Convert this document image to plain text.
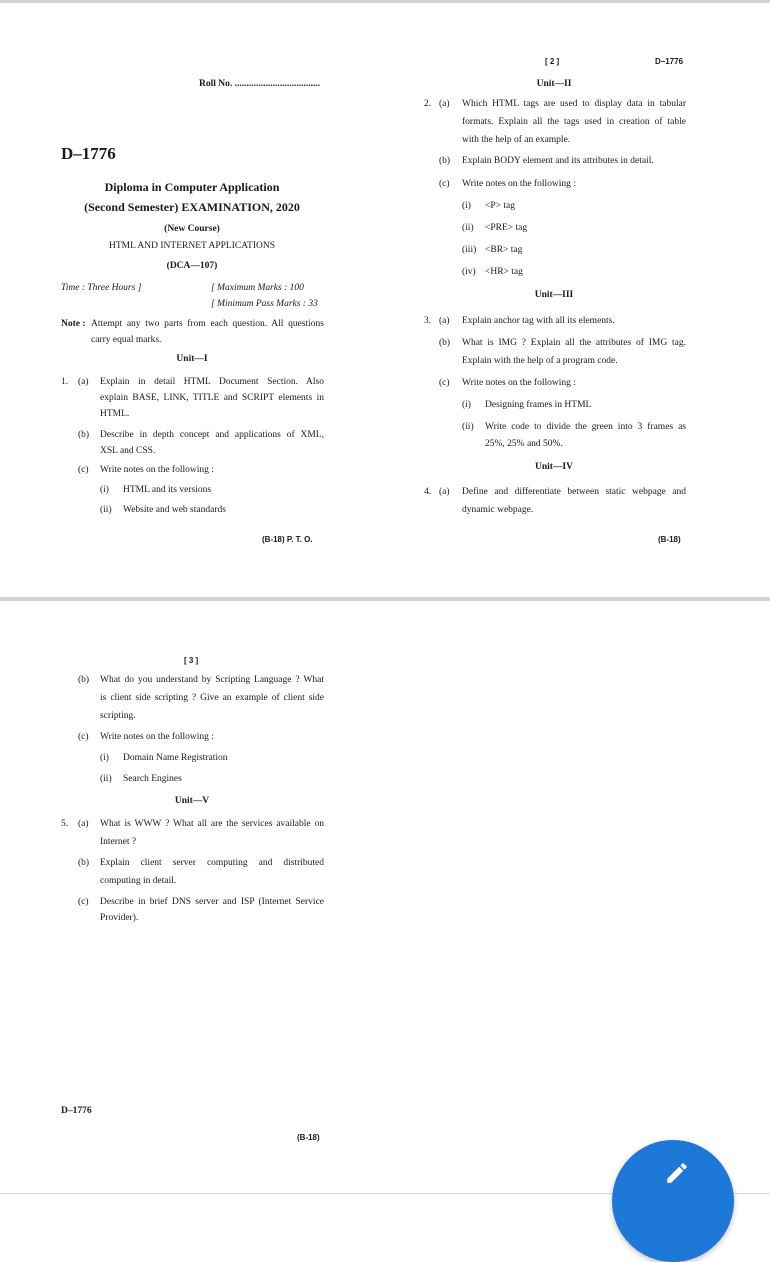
Roll No. ....................................
D–1776
Diploma in Computer Application
(Second Semester) EXAMINATION, 2020
(New Course)
HTML AND INTERNET APPLICATIONS
(DCA—107)
Time : Three Hours ]	[ Maximum Marks : 100
[ Minimum Pass Marks : 33
Note : Attempt any two parts from each question. All questions
carry equal marks.
Unit—I
1. (a) Explain in detail HTML Document Section. Also
explain BASE, LINK, TITLE and SCRIPT elements in
HTML.
(b) Describe in depth concept and applications of XML,
XSL and CSS.
(c) Write notes on the following :
(i) HTML and its versions
(ii) Website and web standards
(B-18) P. T. O.
[ 2 ]	D–1776
Unit—II
2. (a) Which HTML tags are used to display data in tabular
formats. Explain all the tags used in creation of table
with the help of an example.
(b) Explain BODY element and its attributes in detail.
(c) Write notes on the following :
(i) <P> tag
(ii) <PRE> tag
(iii) <BR> tag
(iv) <HR> tag
Unit—III
3. (a) Explain anchor tag with all its elements.
(b) What is IMG ? Explain all the attributes of IMG tag.
Explain with the help of a program code.
(c) Write notes on the following :
(i) Designing frames in HTML
(ii) Write code to divide the green into 3 frames as
25%, 25% and 50%.
Unit—IV
4. (a) Define and differentiate between static webpage and
dynamic webpage.
(B-18)
[ 3 ]
(b) What do you understand by Scripting Language ? What
is client side scripting ? Give an example of client side
scripting.
(c) Write notes on the following :
(i) Domain Name Registration
(ii) Search Engines
Unit—V
5. (a) What is WWW ? What all are the services available on
Internet ?
(b) Explain client server computing and distributed
computing in detail.
(c) Describe in brief DNS server and ISP (Internet Service
Provider).
D–1776
(B-18)
